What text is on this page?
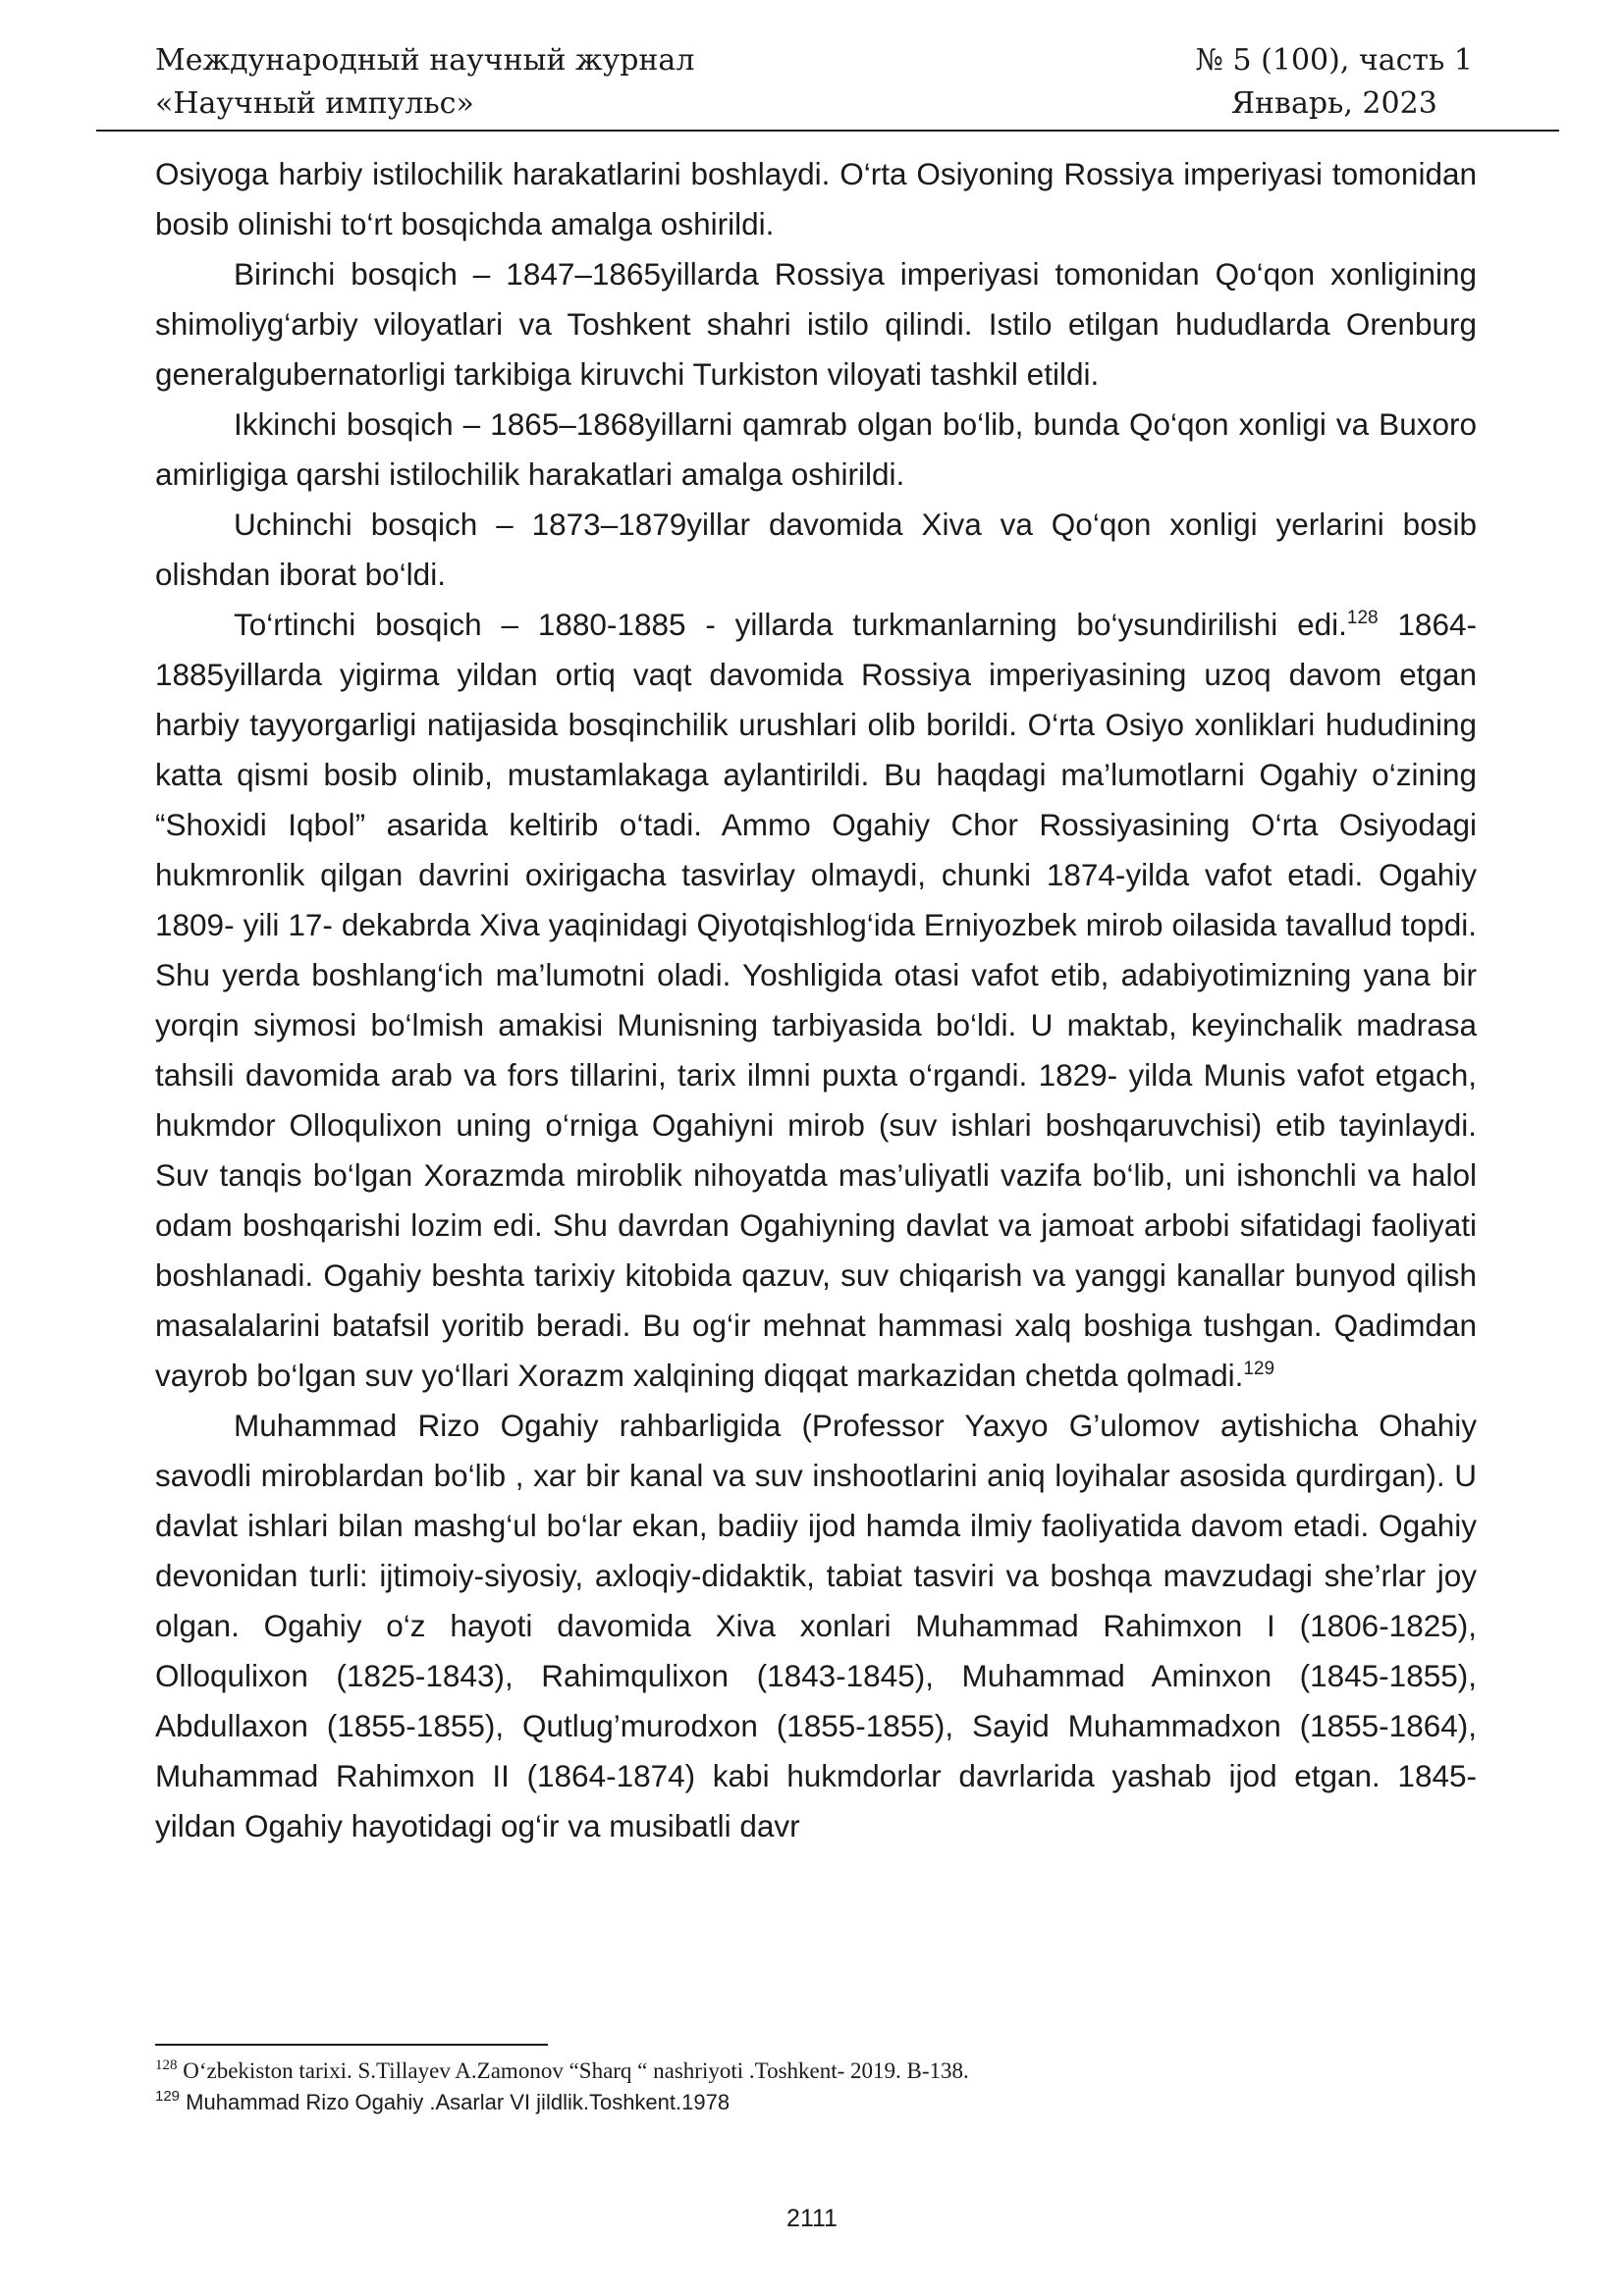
Международный научный журнал
«Научный импульс»
№ 5 (100), часть 1
Январь, 2023

Osiyoga harbiy istilochilik harakatlarini boshlaydi. O‘rta Osiyoning Rossiya imperiyasi tomonidan bosib olinishi to‘rt bosqichda amalga oshirildi.

Birinchi bosqich – 1847–1865yillarda Rossiya imperiyasi tomonidan Qo‘qon xonligining shimoliyg‘arbiy viloyatlari va Toshkent shahri istilo qilindi. Istilo etilgan hududlarda Orenburg generalgubernatorligi tarkibiga kiruvchi Turkiston viloyati tashkil etildi.

Ikkinchi bosqich – 1865–1868yillarni qamrab olgan bo‘lib, bunda Qo‘qon xonligi va Buxoro amirligiga qarshi istilochilik harakatlari amalga oshirildi.

Uchinchi bosqich – 1873–1879yillar davomida Xiva va Qo‘qon xonligi yerlarini bosib olishdan iborat bo‘ldi.

To‘rtinchi bosqich – 1880-1885 - yillarda turkmanlarning bo‘ysundirilishi edi.$^{128}$ 1864-1885yillarda yigirma yildan ortiq vaqt davomida Rossiya imperiyasining uzoq davom etgan harbiy tayyorgarligi natijasida bosqinchilik urushlari olib borildi. O‘rta Osiyo xonliklari hududining katta qismi bosib olinib, mustamlakaga aylantirildi. Bu haqdagi ma’lumotlarni Ogahiy o‘zining “Shoxidi Iqbol” asarida keltirib o‘tadi. Ammo Ogahiy Chor Rossiyasining O‘rta Osiyodagi hukmronlik qilgan davrini oxirigacha tasvirlay olmaydi, chunki 1874-yilda vafot etadi. Ogahiy 1809- yili 17- dekabrda Xiva yaqinidagi Qiyotqishlog‘ida Erniyozbek mirob oilasida tavallud topdi. Shu yerda boshlang‘ich ma’lumotni oladi. Yoshligida otasi vafot etib, adabiyotimizning yana bir yorqin siymosi bo‘lmish amakisi Munisning tarbiyasida bo‘ldi. U maktab, keyinchalik madrasa tahsili davomida arab va fors tillarini, tarix ilmni puxta o‘rgandi. 1829- yilda Munis vafot etgach, hukmdor Olloqulixon uning o‘rniga Ogahiyni mirob (suv ishlari boshqaruvchisi) etib tayinlaydi. Suv tanqis bo‘lgan Xorazmda miroblik nihoyatda mas’uliyatli vazifa bo‘lib, uni ishonchli va halol odam boshqarishi lozim edi. Shu davrdan Ogahiyning davlat va jamoat arbobi sifatidagi faoliyati boshlanadi. Ogahiy beshta tarixiy kitobida qazuv, suv chiqarish va yanggi kanallar bunyod qilish masalalarini batafsil yoritib beradi. Bu og‘ir mehnat hammasi xalq boshiga tushgan. Qadimdan vayrob bo‘lgan suv yo‘llari Xorazm xalqining diqqat markazidan chetda qolmadi.$^{129}$

Muhammad Rizo Ogahiy rahbarligida (Professor Yaxyo G’ulomov aytishicha Ohahiy savodli miroblardan bo‘lib , xar bir kanal va suv inshootlarini aniq loyihalar asosida qurdirgan). U davlat ishlari bilan mashg‘ul bo‘lar ekan, badiiy ijod hamda ilmiy faoliyatida davom etadi. Ogahiy devonidan turli: ijtimoiy-siyosiy, axloqiy-didaktik, tabiat tasviri va boshqa mavzudagi she’rlar joy olgan. Ogahiy o‘z hayoti davomida Xiva xonlari Muhammad Rahimxon I (1806-1825), Olloqulixon (1825-1843), Rahimqulixon (1843-1845), Muhammad Aminxon (1845-1855), Abdullaxon (1855-1855), Qutlug’murodxon (1855-1855), Sayid Muhammadxon (1855-1864), Muhammad Rahimxon II (1864-1874) kabi hukmdorlar davrlarida yashab ijod etgan. 1845- yildan Ogahiy hayotidagi og‘ir va musibatli davr

$^{128}$ O‘zbekiston tarixi. S.Tillayev A.Zamonov “Sharq “ nashriyoti .Toshkent- 2019. B-138.
$^{129}$ Muhammad Rizo Ogahiy .Asarlar VI jildlik.Toshkent.1978
2111
